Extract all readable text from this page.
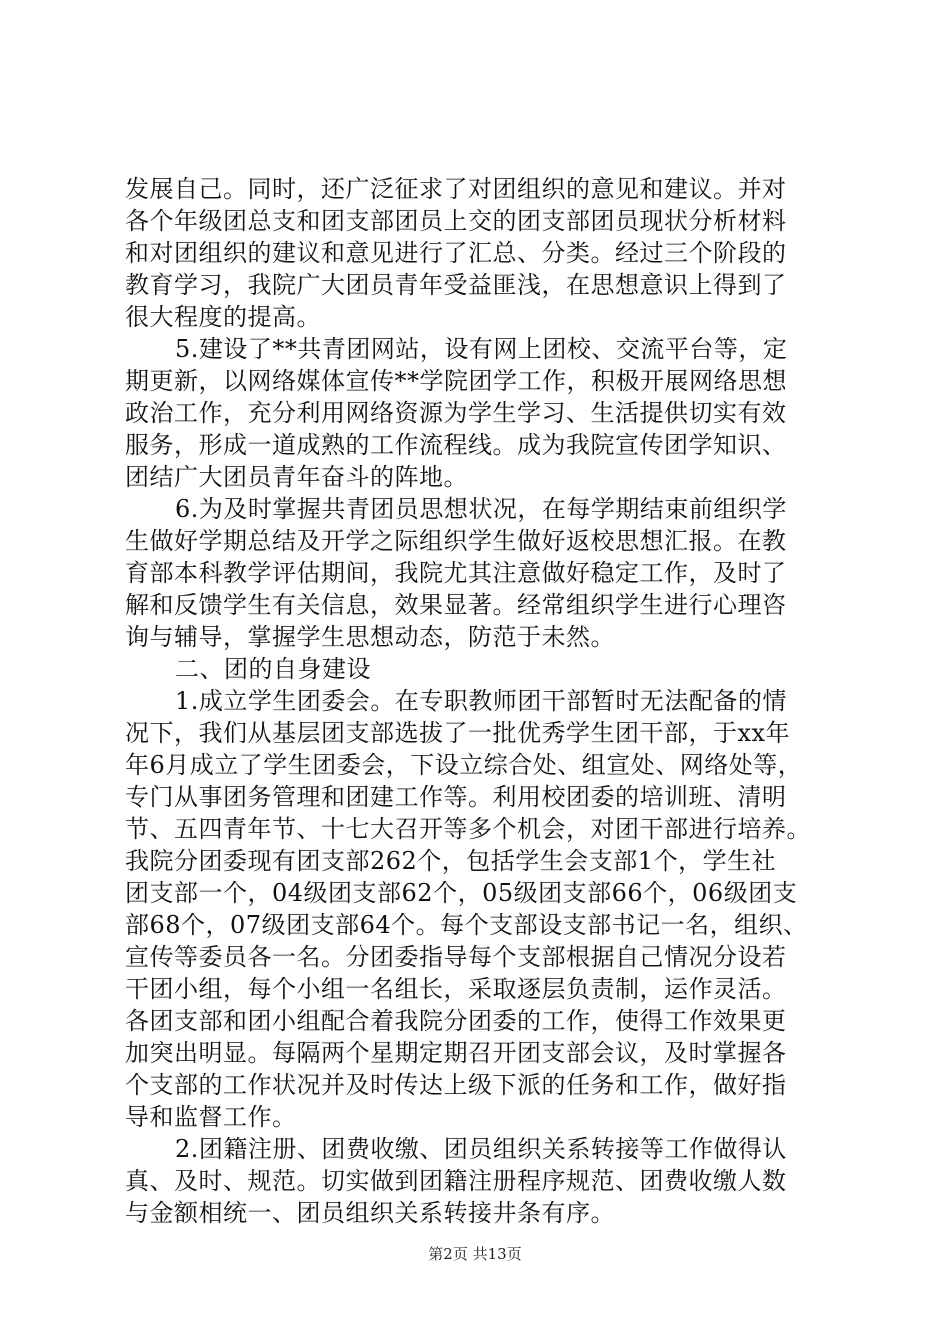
发展自己。同时，还广泛征求了对团组织的意见和建议。并对
各个年级团总支和团支部团员上交的团支部团员现状分析材料
和对团组织的建议和意见进行了汇总、分类。经过三个阶段的
教育学习，我院广大团员青年受益匪浅，在思想意识上得到了
很大程度的提高。
5.建设了**共青团网站，设有网上团校、交流平台等，定
期更新，以网络媒体宣传**学院团学工作，积极开展网络思想
政治工作，充分利用网络资源为学生学习、生活提供切实有效
服务，形成一道成熟的工作流程线。成为我院宣传团学知识、
团结广大团员青年奋斗的阵地。
6.为及时掌握共青团员思想状况，在每学期结束前组织学
生做好学期总结及开学之际组织学生做好返校思想汇报。在教
育部本科教学评估期间，我院尤其注意做好稳定工作，及时了
解和反馈学生有关信息，效果显著。经常组织学生进行心理咨
询与辅导，掌握学生思想动态，防范于未然。
二、团的自身建设
1.成立学生团委会。在专职教师团干部暂时无法配备的情
况下，我们从基层团支部选拔了一批优秀学生团干部，于xx年
年6月成立了学生团委会，下设立综合处、组宣处、网络处等，
专门从事团务管理和团建工作等。利用校团委的培训班、清明
节、五四青年节、十七大召开等多个机会，对团干部进行培养。
我院分团委现有团支部262个，包括学生会支部1个，学生社
团支部一个，04级团支部62个，05级团支部66个，06级团支
部68个，07级团支部64个。每个支部设支部书记一名，组织、
宣传等委员各一名。分团委指导每个支部根据自己情况分设若
干团小组，每个小组一名组长，采取逐层负责制，运作灵活。
各团支部和团小组配合着我院分团委的工作，使得工作效果更
加突出明显。每隔两个星期定期召开团支部会议，及时掌握各
个支部的工作状况并及时传达上级下派的任务和工作，做好指
导和监督工作。
2.团籍注册、团费收缴、团员组织关系转接等工作做得认
真、及时、规范。切实做到团籍注册程序规范、团费收缴人数
与金额相统一、团员组织关系转接井条有序。
第2页 共13页
